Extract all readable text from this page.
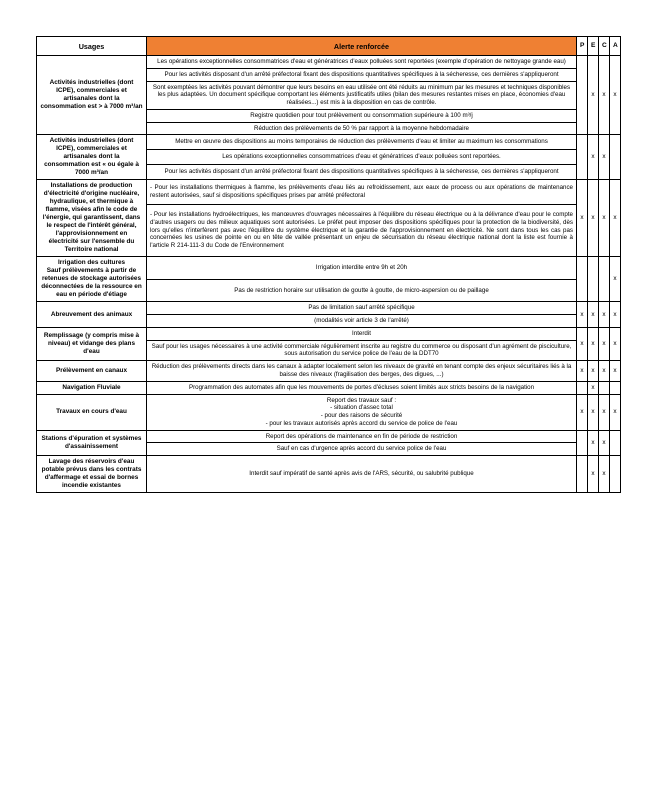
Usages	Alerte renforcée	P	E	C	A
Activités industrielles (dont ICPE), commerciales et artisanales dont la consommation est > à 7000 m³/an	Les opérations exceptionnelles consommatrices d'eau et génératrices d'eaux polluées sont reportées (exemple d'opération de nettoyage grande eau)		x	x	x
	Pour les activités disposant d'un arrêté préfectoral fixant des dispositions quantitatives spécifiques à la sécheresse, ces dernières s'appliqueront				
	Sont exemptées les activités pouvant démontrer que leurs besoins en eau utilisée ont été réduits au minimum par les mesures et techniques disponibles les plus adaptées. Un document spécifique comportant les éléments justificatifs utiles (bilan des mesures restantes mises en place, économies d'eau réalisées...) est mis à la disposition en cas de contrôle.				
	Registre quotidien pour tout prélèvement ou consommation supérieure à 100 m³/j				
	Réduction des prélèvements de 50 % par rapport à la moyenne hebdomadaire				
Activités industrielles (dont ICPE), commerciales et artisanales dont la consommation est « ou égale à 7000 m³/an	Mettre en œuvre des dispositions au moins temporaires de réduction des prélèvements d'eau et limiter au maximum les consommations		x	x	
	Les opérations exceptionnelles consommatrices d'eau et génératrices d'eaux polluées sont reportées.				
	Pour les activités disposant d'un arrêté préfectoral fixant des dispositions quantitatives spécifiques à la sécheresse, ces dernières s'appliqueront				
Installations de production d'électricité d'origine nucléaire, hydraulique, et thermique à flamme, visées afin le code de l'énergie, qui garantissent, dans le respect de l'intérêt général, l'approvisionnement en électricité sur l'ensemble du Territoire national	- Pour les installations thermiques à flamme, les prélèvements d'eau liés au refroidissement, aux eaux de process ou aux opérations de maintenance restent autorisées, sauf si dispositions spécifiques prises par arrêté préfectoral	x	x	x	x
	- Pour les installations hydroélectriques, les manœuvres d'ouvrages nécessaires à l'équilibre du réseau électrique ou à la délivrance d'eau pour le compte d'autres usagers ou des milieux aquatiques sont autorisées. Le préfet peut imposer des dispositions spécifiques pour la protection de la biodiversité, dès lors qu'elles n'interfèrent pas avec l'équilibre du système électrique et la garantie de l'approvisionnement en électricité. Ne sont dans tous les cas pas concernées les usines de pointe en ou en tête de vallée présentant un enjeu de sécurisation du réseau électrique national dont la liste est fournie à l'article R 214-111-3 du Code de l'Environnement				
Irrigation des cultures
Sauf prélèvements à partir de retenues de stockage autorisées déconnectées de la ressource en eau en période d'étiage	Irrigation interdite entre 9h et 20h				x
	Pas de restriction horaire sur utilisation de goutte à goutte, de micro-aspersion ou de paillage				
Abreuvement des animaux	Pas de limitation sauf arrêté spécifique	x	x	x	x
	(modalités voir article 3 de l'arrêté)				
Remplissage (y compris mise à niveau) et vidange des plans d'eau	Interdit	x	x	x	x
	Sauf pour les usages nécessaires à une activité commerciale régulièrement inscrite au registre du commerce ou disposant d'un agrément de pisciculture, sous autorisation du service police de l'eau de la DDT70				
Prélèvement en canaux	Réduction des prélèvements directs dans les canaux à adapter localement selon les niveaux de gravité en tenant compte des enjeux sécuritaires liés à la baisse des niveaux (fragilisation des berges, des digues, ...)	x	x	x	x
Navigation Fluviale	Programmation des automates afin que les mouvements de portes d'écluses soient limités aux stricts besoins de la navigation		x		
Travaux en cours d'eau	Report des travaux sauf :
- situation d'assec total
- pour des raisons de sécurité
- pour les travaux autorisés après accord du service de police de l'eau	x	x	x	x
Stations d'épuration et systèmes d'assainissement	Report des opérations de maintenance en fin de période de restriction		x	x	
	Sauf en cas d'urgence après accord du service police de l'eau				
Lavage des réservoirs d'eau potable prévus dans les contrats d'affermage et essai de bornes incendie existantes	Interdit sauf impératif de santé après avis de l'ARS, sécurité, ou salubrité publique		x	x	
